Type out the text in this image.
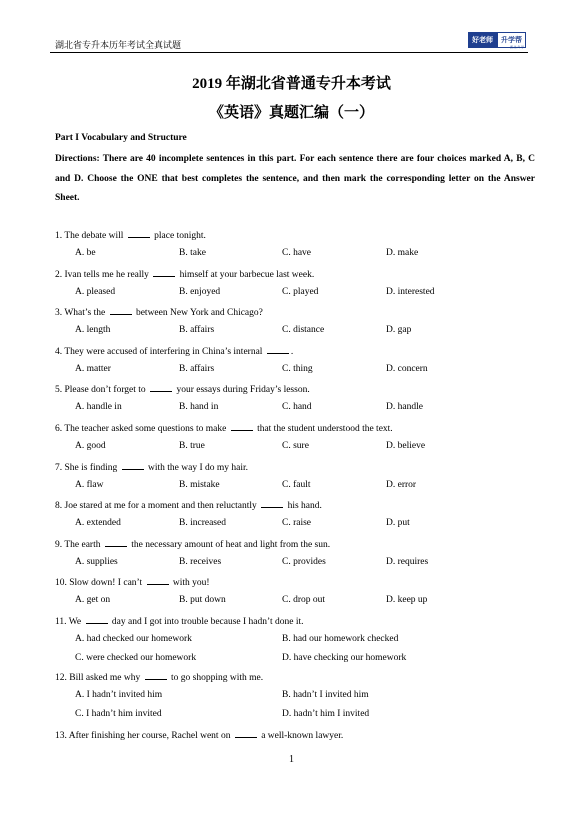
湖北省专升本历年考试全真试题
好老师	升学帮
湖 北 升 学
2019 年湖北省普通专升本考试
《英语》真题汇编（一）
Part I Vocabulary and Structure
Directions: There are 40 incomplete sentences in this part. For each sentence there are four choices marked A, B, C and D. Choose the ONE that best completes the sentence, and then mark the corresponding letter on the Answer Sheet.
1. The debate will	place tonight.
A. be	B. take	C. have	D. make
2. Ivan tells me he really	himself at your barbecue last week.
A. pleased	B. enjoyed	C. played	D. interested
3. What’s the	between New York and Chicago?
A. length	B. affairs	C. distance	D. gap
4. They were accused of interfering in China’s internal	.
A. matter	B. affairs	C. thing	D. concern
5. Please don’t forget to	your essays during Friday’s lesson.
A. handle in	B. hand in	C. hand	D. handle
6. The teacher asked some questions to make	that the student understood the text.
A. good	B. true	C. sure	D. believe
7. She is finding	with the way I do my hair.
A. flaw	B. mistake	C. fault	D. error
8. Joe stared at me for a moment and then reluctantly	his hand.
A. extended	B. increased	C. raise	D. put
9. The earth	the necessary amount of heat and light from the sun.
A. supplies	B. receives	C. provides	D. requires
10. Slow down! I can’t	with you!
A. get on	B. put down	C. drop out	D. keep up
11. We	day and I got into trouble because I hadn’t done it.
A. had checked our homework	B. had our homework checked
C. were checked our homework	D. have checking our homework
12. Bill asked me why	to go shopping with me.
A. I hadn’t invited him	B. hadn’t I invited him
C. I hadn’t him invited	D. hadn’t him I invited
13. After finishing her course, Rachel went on	a well-known lawyer.
1
